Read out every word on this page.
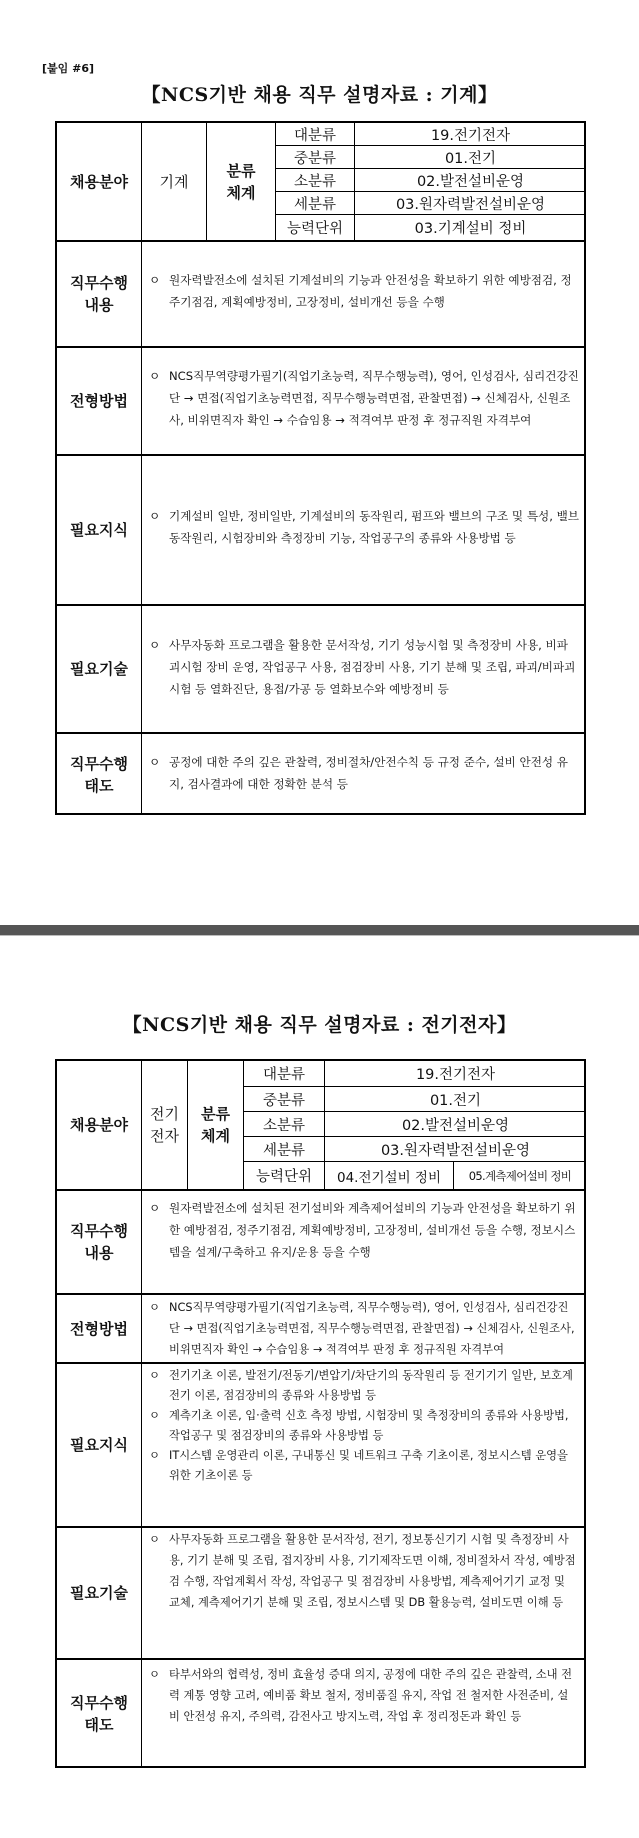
[붙임 #6]
【NCS기반 채용 직무 설명자료 : 기계】
채용분야	기계
분류
체계
대분류
중분류
소분류
세분류
능력단위
19.전기전자
01.전기
02.발전설비운영
03.원자력발전설비운영
03.기계설비 정비
직무수행
내용
ㅇ 원자력발전소에 설치된 기계설비의 기능과 안전성을 확보하기 위한 예방점검, 정주기점검, 계획예방정비, 고장정비, 설비개선 등을 수행
전형방법
ㅇ NCS직무역량평가필기(직업기초능력, 직무수행능력), 영어, 인성검사, 심리건강진단 → 면접(직업기초능력면접, 직무수행능력면접, 관찰면접) → 신체검사, 신원조사, 비위면직자 확인 → 수습임용 → 적격여부 판정 후 정규직원 자격부여
필요지식
ㅇ 기계설비 일반, 정비일반, 기계설비의 동작원리, 펌프와 밸브의 구조 및 특성, 밸브 동작원리, 시험장비와 측정장비 기능, 작업공구의 종류와 사용방법 등
필요기술
ㅇ 사무자동화 프로그램을 활용한 문서작성, 기기 성능시험 및 측정장비 사용, 비파괴시험 장비 운영, 작업공구 사용, 점검장비 사용, 기기 분해 및 조립, 파괴/비파괴 시험 등 열화진단, 용접/가공 등 열화보수와 예방정비 등
직무수행
태도
ㅇ 공정에 대한 주의 깊은 관찰력, 정비절차/안전수칙 등 규정 준수, 설비 안전성 유지, 검사결과에 대한 정확한 분석 등
【NCS기반 채용 직무 설명자료 : 전기전자】
채용분야
전기
전자
분류
체계
대분류
중분류
소분류
세분류
능력단위
19.전기전자
01.전기
02.발전설비운영
03.원자력발전설비운영
04.전기설비 정비	05.계측제어설비 정비
직무수행
내용
ㅇ 원자력발전소에 설치된 전기설비와 계측제어설비의 기능과 안전성을 확보하기 위한 예방점검, 정주기점검, 계획예방정비, 고장정비, 설비개선 등을 수행, 정보시스템을 설계/구축하고 유지/운용 등을 수행
전형방법
ㅇ NCS직무역량평가필기(직업기초능력, 직무수행능력), 영어, 인성검사, 심리건강진단 → 면접(직업기초능력면접, 직무수행능력면접, 관찰면접) → 신체검사, 신원조사, 비위면직자 확인 → 수습임용 → 적격여부 판정 후 정규직원 자격부여
필요지식
ㅇ 전기기초 이론, 발전기/전동기/변압기/차단기의 동작원리 등 전기기기 일반, 보호계전기 이론, 점검장비의 종류와 사용방법 등
ㅇ 계측기초 이론, 입·출력 신호 측정 방법, 시험장비 및 측정장비의 종류와 사용방법, 작업공구 및 점검장비의 종류와 사용방법 등
ㅇ IT시스템 운영관리 이론, 구내통신 및 네트워크 구축 기초이론, 정보시스템 운영을 위한 기초이론 등
필요기술
ㅇ 사무자동화 프로그램을 활용한 문서작성, 전기, 정보통신기기 시험 및 측정장비 사용, 기기 분해 및 조립, 접지장비 사용, 기기제작도면 이해, 정비절차서 작성, 예방점검 수행, 작업계획서 작성, 작업공구 및 점검장비 사용방법, 계측제어기기 교정 및 교체, 계측제어기기 분해 및 조립, 정보시스템 및 DB 활용능력, 설비도면 이해 등
직무수행
태도
ㅇ 타부서와의 협력성, 정비 효율성 증대 의지, 공정에 대한 주의 깊은 관찰력, 소내 전력 계통 영향 고려, 예비품 확보 철저, 정비품질 유지, 작업 전 철저한 사전준비, 설비 안전성 유지, 주의력, 감전사고 방지노력, 작업 후 정리정돈과 확인 등
